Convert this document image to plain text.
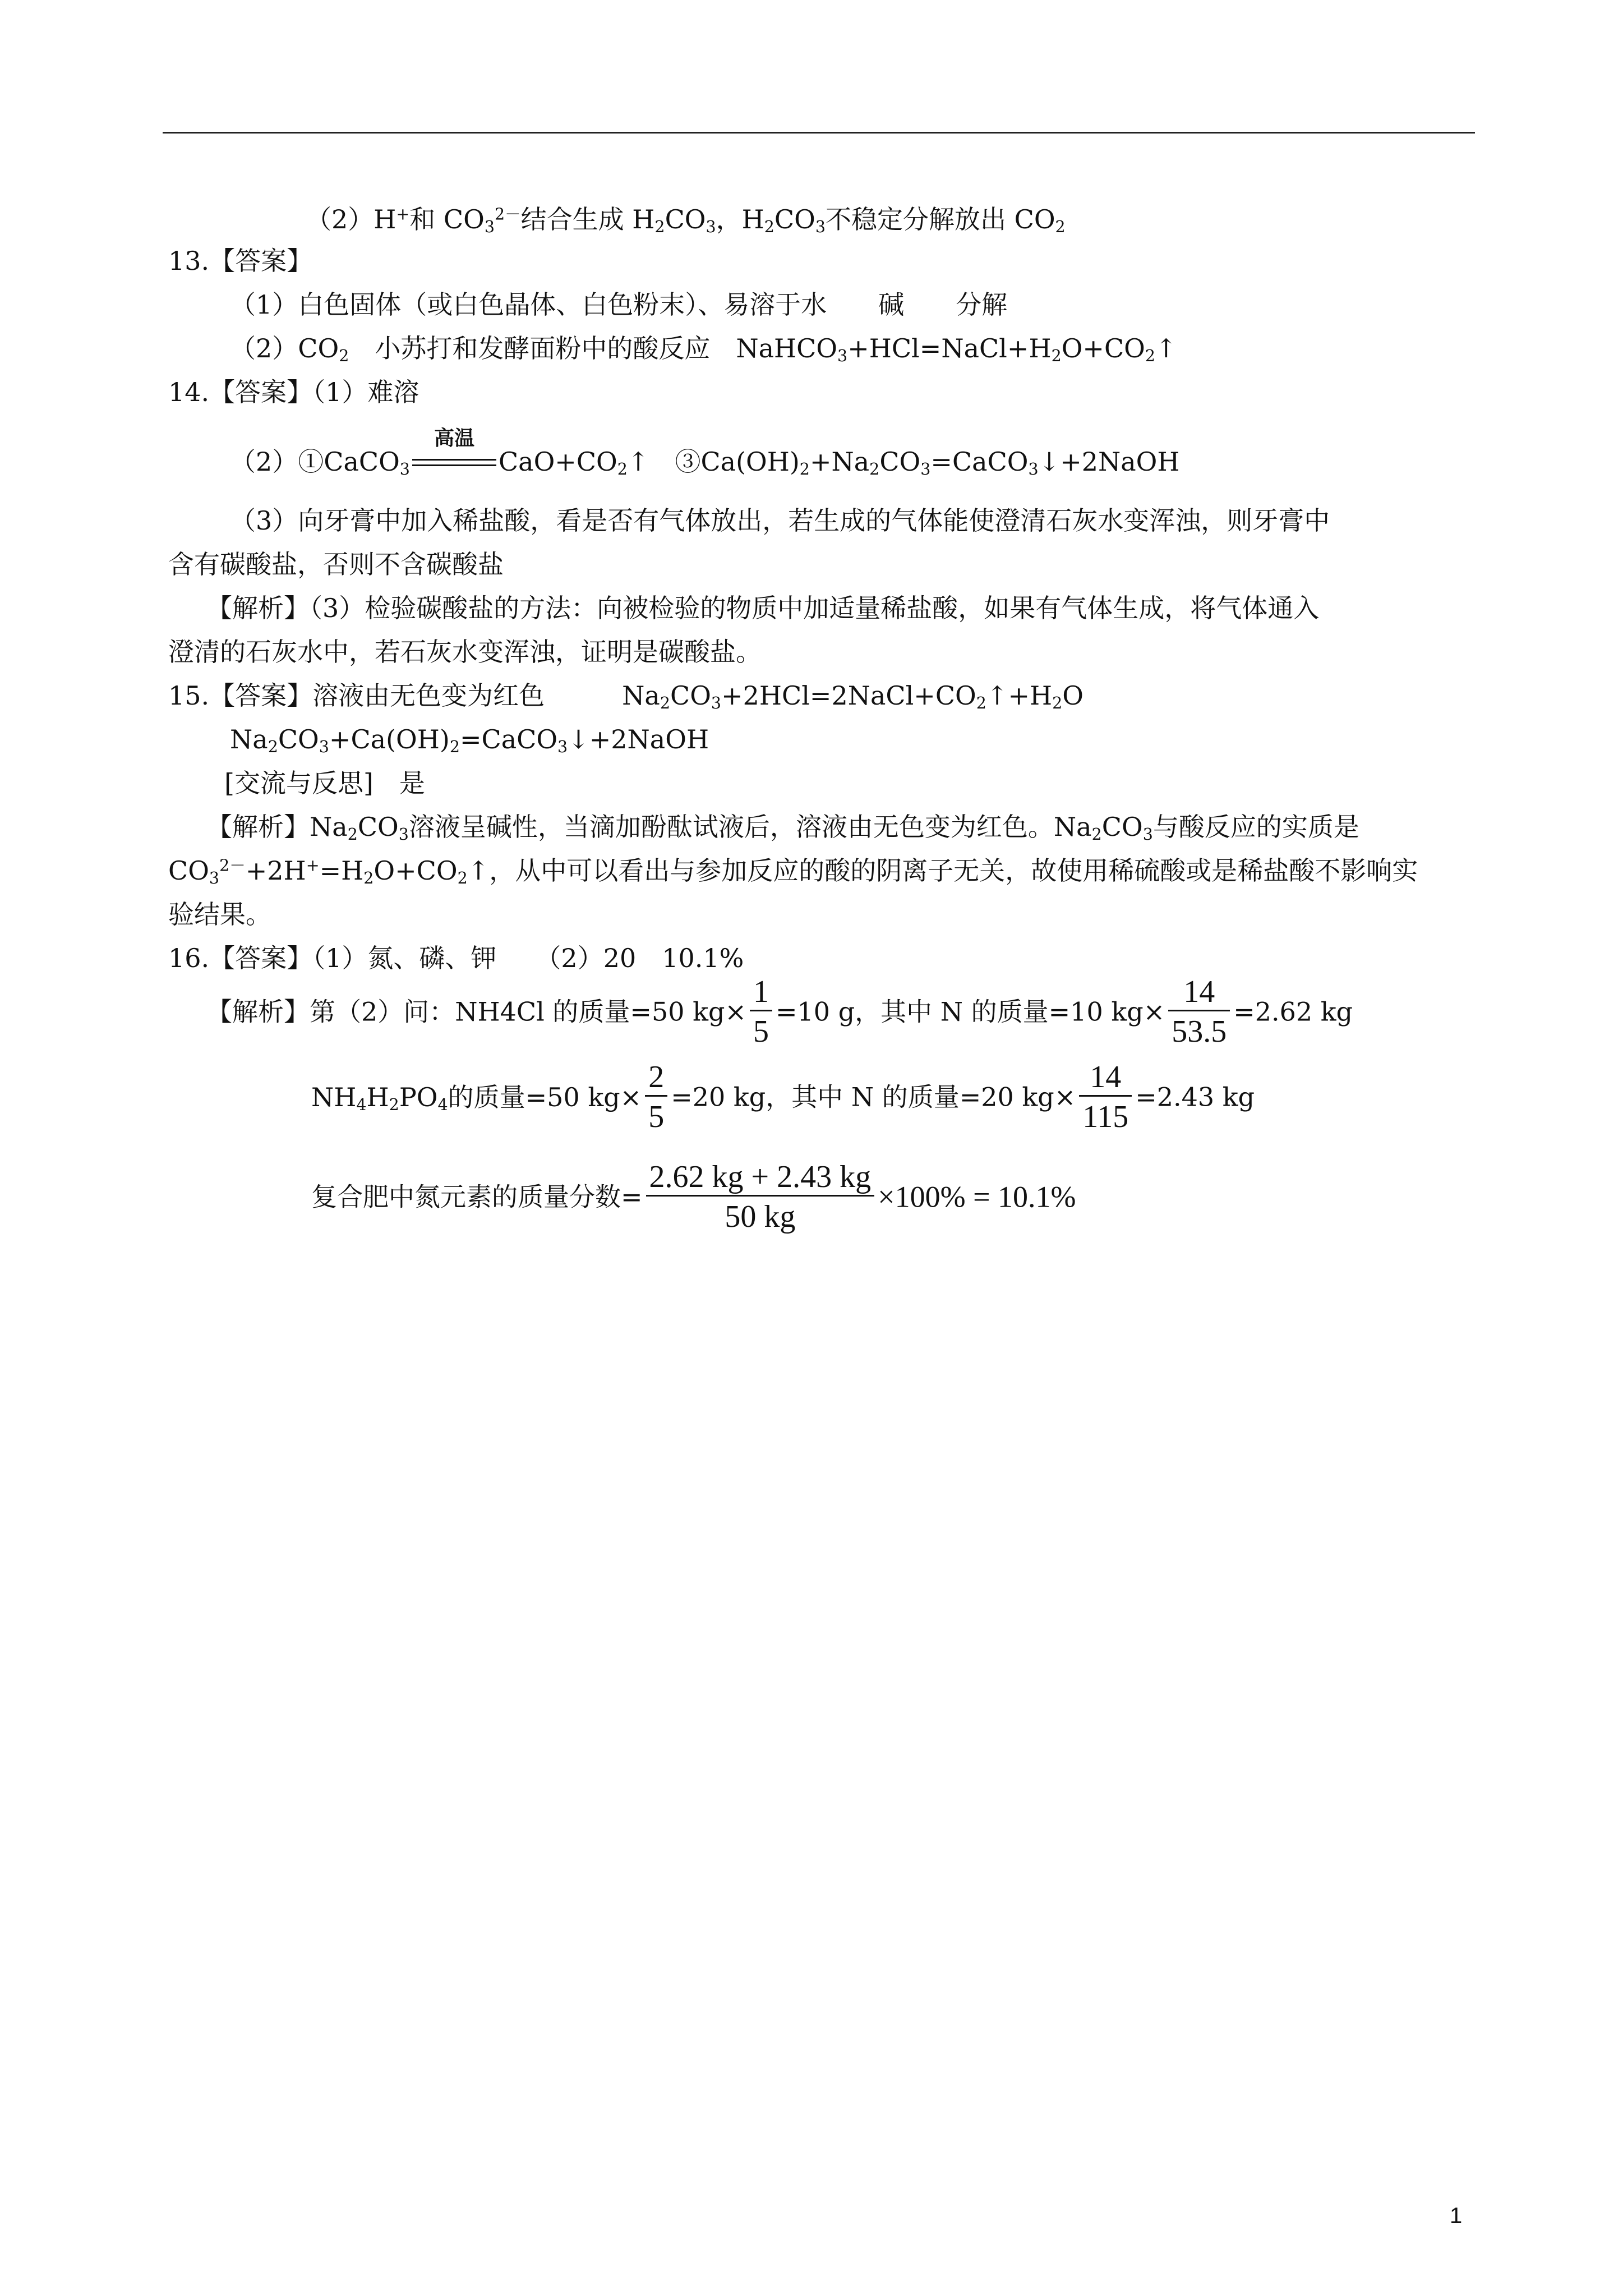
（2）H+和 $CO_3^{2-}$结合生成 $H_2CO_3$，$H_2CO_3$不稳定分解放出 $CO_2$
13.【答案】
（1）白色固体（或白色晶体、白色粉末）、易溶于水　　碱　　分解
$(2)CO_2$　小苏打和发酵面粉中的酸反应　$NaHCO_3+HCl=NaCl+H_2O+CO_2↑$
14.【答案】（1）难溶
（2）①CaCO$_3$
高温
$CaO+CO_2↑$　$③Ca(OH)_2+Na_2CO_3=CaCO_3↓+2NaOH$
（3）向牙膏中加入稀盐酸，看是否有气体放出，若生成的气体能使澄清石灰水变浑浊，则牙膏中
含有碳酸盐，否则不含碳酸盐
【解析】（3）检验碳酸盐的方法：向被检验的物质中加适量稀盐酸，如果有气体生成，将气体通入
澄清的石灰水中，若石灰水变浑浊，证明是碳酸盐。
15.【答案】溶液由无色变为红色　　　$Na_2CO_3+2HCl=2NaCl+CO_2↑+H_2O$
$Na_2CO_3+Ca(OH)_2=CaCO_3↓+2NaOH$
[交流与反思]　是
【解析】$Na_2CO_3$溶液呈碱性，当滴加酚酞试液后，溶液由无色变为红色。$Na_2CO_3$与酸反应的实质是
$CO_3^{2-}+2H^+=H_2O+CO_2↑$，从中可以看出与参加反应的酸的阴离子无关，故使用稀硫酸或是稀盐酸不影响实
验结果。
16.【答案】（1）氮、磷、钾　　（2）20　10.1%
【解析】第（2）问：NH4Cl 的质量=50 $kg\times \frac{1}{5} =10$ g，其中 N 的质量=10 $kg\times \frac{14}{53.5} =2.62$ kg
$NH_4H_2PO_4$的质量=50 $kg\times \frac{2}{5} =20$ kg，其中 N 的质量=20 $kg\times \frac{14}{115} =2.43$ kg
复合肥中氮元素的质量分数= $\frac{2.62 kg + 2.43 kg}{50 kg} \times 100\% = 10.1\%$
1
